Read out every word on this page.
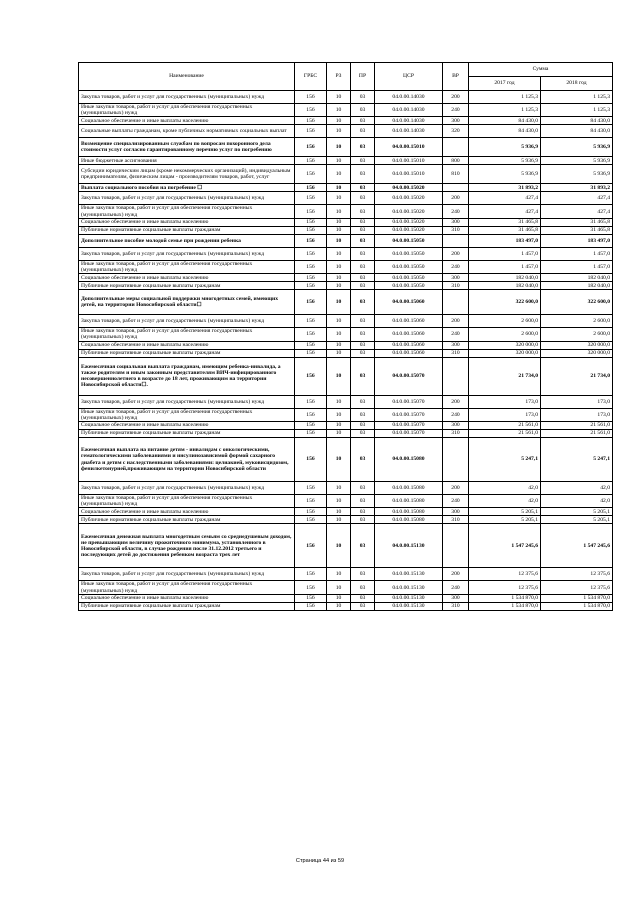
Наименование	ГРБС	РЗ	ПР	ЦСР	ВР	Сумма	
						2017 год	2018 год
Закупка товаров, работ и услуг для государственных (муниципальных) нужд	156	10	03	04.0.00.14030	200	1 125,3	1 125,3
Иные закупки товаров, работ и услуг для обеспечения государственных (муниципальных) нужд	156	10	03	04.0.00.14030	240	1 125,3	1 125,3
Социальное обеспечение и иные выплаты населению	156	10	03	04.0.00.14030	300	84 430,0	84 430,0
Социальные выплаты гражданам, кроме публичных нормативных социальных выплат	156	10	03	04.0.00.14030	320	84 430,0	84 430,0
Возмещение специализированным службам по вопросам похоронного дела стоимости услуг согласно гарантированному перечню услуг по погребению	156	10	03	04.0.00.15010		5 936,9	5 936,9
Иные бюджетные ассигнования	156	10	03	04.0.00.15010	800	5 936,9	5 936,9
Субсидии юридическим лицам (кроме некоммерческих организаций), индивидуальным предпринимателям, физическим лицам - производителям товаров, работ, услуг	156	10	03	04.0.00.15010	810	5 936,9	5 936,9
Выплата социального пособия на погребение ☐	156	10	03	04.0.00.15020		31 893,2	31 893,2
Закупка товаров, работ и услуг для государственных (муниципальных) нужд	156	10	03	04.0.00.15020	200	427,4	427,4
Иные закупки товаров, работ и услуг для обеспечения государственных (муниципальных) нужд	156	10	03	04.0.00.15020	240	427,4	427,4
Социальное обеспечение и иные выплаты населению	156	10	03	04.0.00.15020	300	31 465,8	31 465,8
Публичные нормативные социальные выплаты гражданам	156	10	03	04.0.00.15020	310	31 465,8	31 465,8
Дополнительное пособие молодой семье при рождении ребенка	156	10	03	04.0.00.15050		183 497,0	183 497,0
Закупка товаров, работ и услуг для государственных (муниципальных) нужд	156	10	03	04.0.00.15050	200	1 457,0	1 457,0
Иные закупки товаров, работ и услуг для обеспечения государственных (муниципальных) нужд	156	10	03	04.0.00.15050	240	1 457,0	1 457,0
Социальное обеспечение и иные выплаты населению	156	10	03	04.0.00.15050	300	182 040,0	182 040,0
Публичные нормативные социальные выплаты гражданам	156	10	03	04.0.00.15050	310	182 040,0	182 040,0
Дополнительные меры социальной поддержки многодетных семей, имеющих детей, на территории Новосибирской области☐	156	10	03	04.0.00.15060		322 600,0	322 600,0
Закупка товаров, работ и услуг для государственных (муниципальных) нужд	156	10	03	04.0.00.15060	200	2 600,0	2 600,0
Иные закупки товаров, работ и услуг для обеспечения государственных (муниципальных) нужд	156	10	03	04.0.00.15060	240	2 600,0	2 600,0
Социальное обеспечение и иные выплаты населению	156	10	03	04.0.00.15060	300	320 000,0	320 000,0
Публичные нормативные социальные выплаты гражданам	156	10	03	04.0.00.15060	310	320 000,0	320 000,0
Ежемесячная социальная выплата гражданам, имеющим ребенка-инвалида, а также родителям и иным законным представителям ВИЧ-инфицированного несовершеннолетнего в возрасте до 18 лет, проживающим на территории Новосибирской области☐.	156	10	03	04.0.00.15070		21 734,0	21 734,0
Закупка товаров, работ и услуг для государственных (муниципальных) нужд	156	10	03	04.0.00.15070	200	173,0	173,0
Иные закупки товаров, работ и услуг для обеспечения государственных (муниципальных) нужд	156	10	03	04.0.00.15070	240	173,0	173,0
Социальное обеспечение и иные выплаты населению	156	10	03	04.0.00.15070	300	21 561,0	21 561,0
Публичные нормативные социальные выплаты гражданам	156	10	03	04.0.00.15070	310	21 561,0	21 561,0
Ежемесячная выплата на питание детям - инвалидам с онкологическими, гематологическими заболеваниями и инсулинозависимой формой сахарного диабета и детям с наследственными заболеваниями: целиакией, муковисцидозом, фенилкетонурией,проживающим на территории Новосибирской области	156	10	03	04.0.00.15080		5 247,1	5 247,1
Закупка товаров, работ и услуг для государственных (муниципальных) нужд	156	10	03	04.0.00.15080	200	42,0	42,0
Иные закупки товаров, работ и услуг для обеспечения государственных (муниципальных) нужд	156	10	03	04.0.00.15080	240	42,0	42,0
Социальное обеспечение и иные выплаты населению	156	10	03	04.0.00.15080	300	5 205,1	5 205,1
Публичные нормативные социальные выплаты гражданам	156	10	03	04.0.00.15080	310	5 205,1	5 205,1
Ежемесячная денежная выплата многодетным семьям со среднедушевым доходом, не превышающим величину прожиточного минимума, установленного в Новосибирской области, в случае рождения после 31.12.2012 третьего и последующих детей до достижения ребенком возраста трех лет	156	10	03	04.0.00.15130		1 547 245,6	1 547 245,6
Закупка товаров, работ и услуг для государственных (муниципальных) нужд	156	10	03	04.0.00.15130	200	12 375,6	12 375,6
Иные закупки товаров, работ и услуг для обеспечения государственных (муниципальных) нужд	156	10	03	04.0.00.15130	240	12 375,6	12 375,6
Социальное обеспечение и иные выплаты населению	156	10	03	04.0.00.15130	300	1 534 870,0	1 534 870,0
Публичные нормативные социальные выплаты гражданам	156	10	03	04.0.00.15130	310	1 534 870,0	1 534 870,0
Страница 44 из 59
